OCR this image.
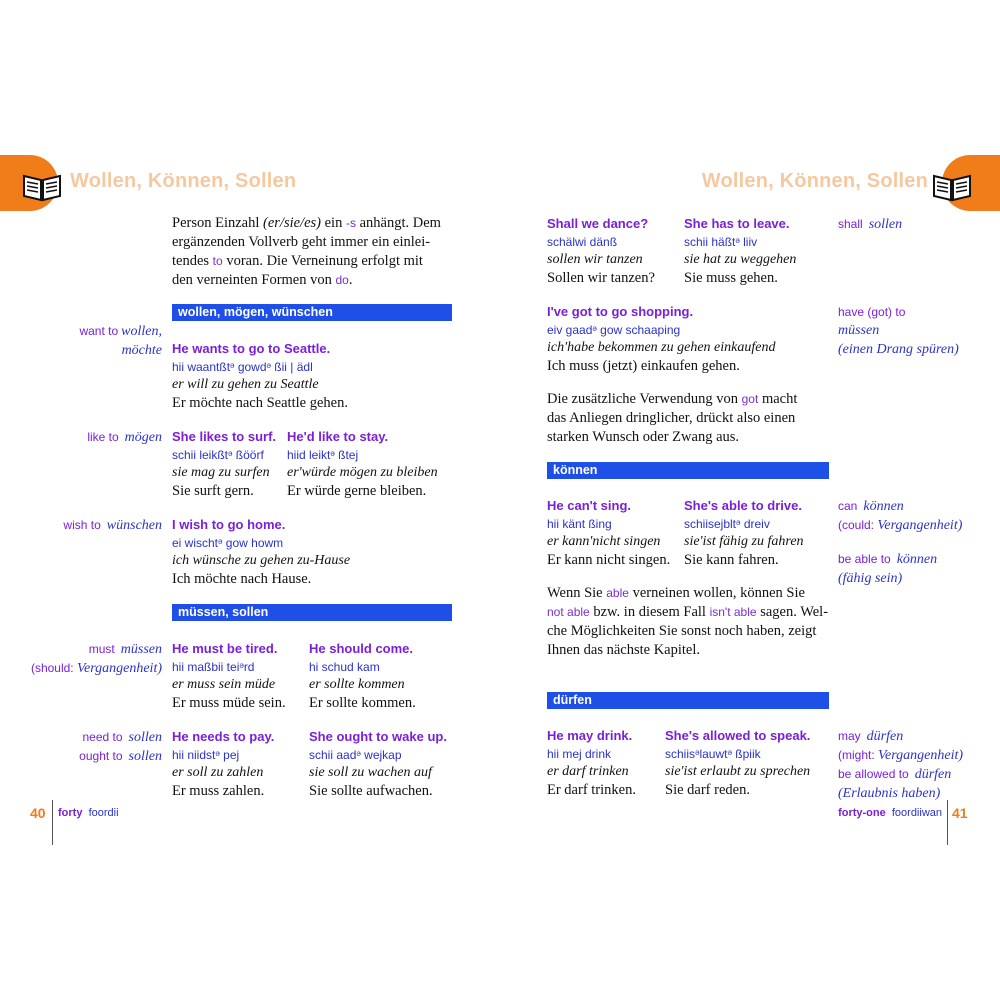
Wollen, Können, Sollen
Person Einzahl (er/sie/es) ein -s anhängt. Dem
ergänzenden Vollverb geht immer ein einlei-
tendes to voran. Die Verneinung erfolgt mit
den verneinten Formen von do.
wollen, mögen, wünschen
want to wollen,
möchte He wants to go to Seattle.
hii waantßtᵊ gowdᵊ ßii | ädl
er will zu gehen zu Seattle
Er möchte nach Seattle gehen.
like to mögen She likes to surf.
schii leikßtᵊ ßöörf
sie mag zu surfen
Sie surft gern.
He'd like to stay.
hiid leiktᵊ ßtej
er'würde mögen zu bleiben
Er würde gerne bleiben.
wish to wünschen I wish to go home.
ei wischtᵊ gow howm
ich wünsche zu gehen zu-Hause
Ich möchte nach Hause.
müssen, sollen
must müssen
(should: Vergangenheit)
He must be tired.
hii maßbii teiᵊrd
er muss sein müde
Er muss müde sein.
He should come.
hi schud kam
er sollte kommen
Er sollte kommen.
need to sollen
ought to sollen
He needs to pay.
hii niidstᵊ pej
er soll zu zahlen
Er muss zahlen.
She ought to wake up.
schii aadᵊ wejkap
sie soll zu wachen auf
Sie sollte aufwachen.
40 forty foordii
Wollen, Können, Sollen
Shall we dance?
schälwi dänß
sollen wir tanzen
Sollen wir tanzen?
She has to leave.
schii häßtᵊ liiv
sie hat zu weggehen
Sie muss gehen.
shall sollen
I've got to go shopping.
eiv gaadᵊ gow schaaping
ich'habe bekommen zu gehen einkaufend
Ich muss (jetzt) einkaufen gehen.
have (got) to
müssen
(einen Drang spüren)
Die zusätzliche Verwendung von got macht
das Anliegen dringlicher, drückt also einen
starken Wunsch oder Zwang aus.
können
He can't sing.
hii känt ßing
er kann'nicht singen
Er kann nicht singen.
She's able to drive.
schiisejbltᵊ dreiv
sie'ist fähig zu fahren
Sie kann fahren.
can können
(could: Vergangenheit)
be able to können
(fähig sein)
Wenn Sie able verneinen wollen, können Sie
not able bzw. in diesem Fall isn't able sagen. Wel-
che Möglichkeiten Sie sonst noch haben, zeigt
Ihnen das nächste Kapitel.
dürfen
He may drink.
hii mej drink
er darf trinken
Er darf trinken.
She's allowed to speak.
schiisᵊlauwtᵊ ßpiik
sie'ist erlaubt zu sprechen
Sie darf reden.
may dürfen
(might: Vergangenheit)
be allowed to dürfen
(Erlaubnis haben)
forty-one foordiiwan 41
